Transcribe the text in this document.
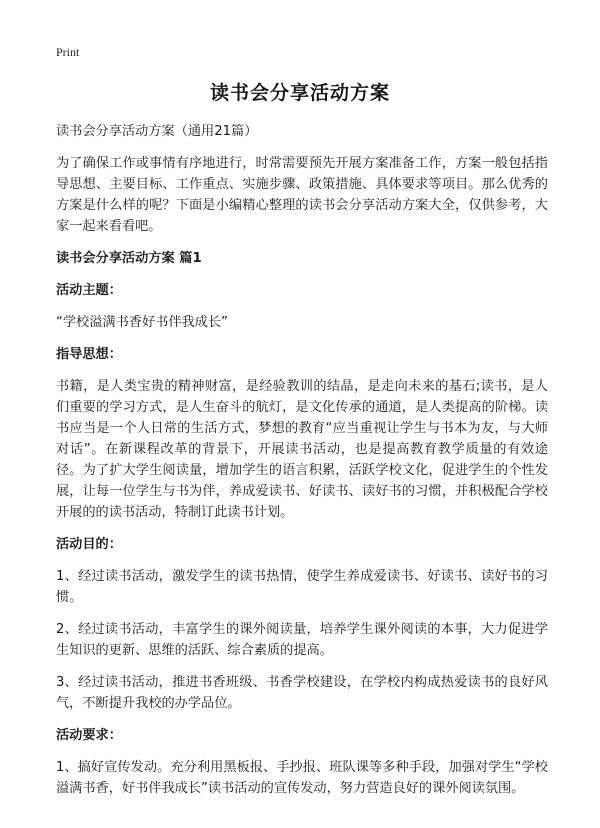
Print
读书会分享活动方案

读书会分享活动方案（通用21篇）

为了确保工作或事情有序地进行，时常需要预先开展方案准备工作，方案一般包括指导思想、主要目标、工作重点、实施步骤、政策措施、具体要求等项目。那么优秀的方案是什么样的呢？下面是小编精心整理的读书会分享活动方案大全，仅供参考，大家一起来看看吧。

读书会分享活动方案 篇1

活动主题：

“学校溢满书香好书伴我成长”

指导思想：

书籍，是人类宝贵的精神财富，是经验教训的结晶，是走向未来的基石;读书，是人们重要的学习方式，是人生奋斗的航灯，是文化传承的通道，是人类提高的阶梯。读书应当是一个人日常的生活方式，梦想的教育“应当重视让学生与书本为友，与大师对话”。在新课程改革的背景下，开展读书活动，也是提高教育教学质量的有效途径。为了扩大学生阅读量，增加学生的语言积累，活跃学校文化，促进学生的个性发展，让每一位学生与书为伴，养成爱读书、好读书、读好书的习惯，并积极配合学校开展的的读书活动，特制订此读书计划。

活动目的：

1、经过读书活动，激发学生的读书热情，使学生养成爱读书、好读书、读好书的习惯。

2、经过读书活动，丰富学生的课外阅读量，培养学生课外阅读的本事，大力促进学生知识的更新、思维的活跃、综合素质的提高。

3、经过读书活动，推进书香班级、书香学校建设，在学校内构成热爱读书的良好风气，不断提升我校的办学品位。

活动要求：

1、搞好宣传发动。充分利用黑板报、手抄报、班队课等多种手段，加强对学生“学校溢满书香，好书伴我成长”读书活动的宣传发动，努力营造良好的课外阅读氛围。
